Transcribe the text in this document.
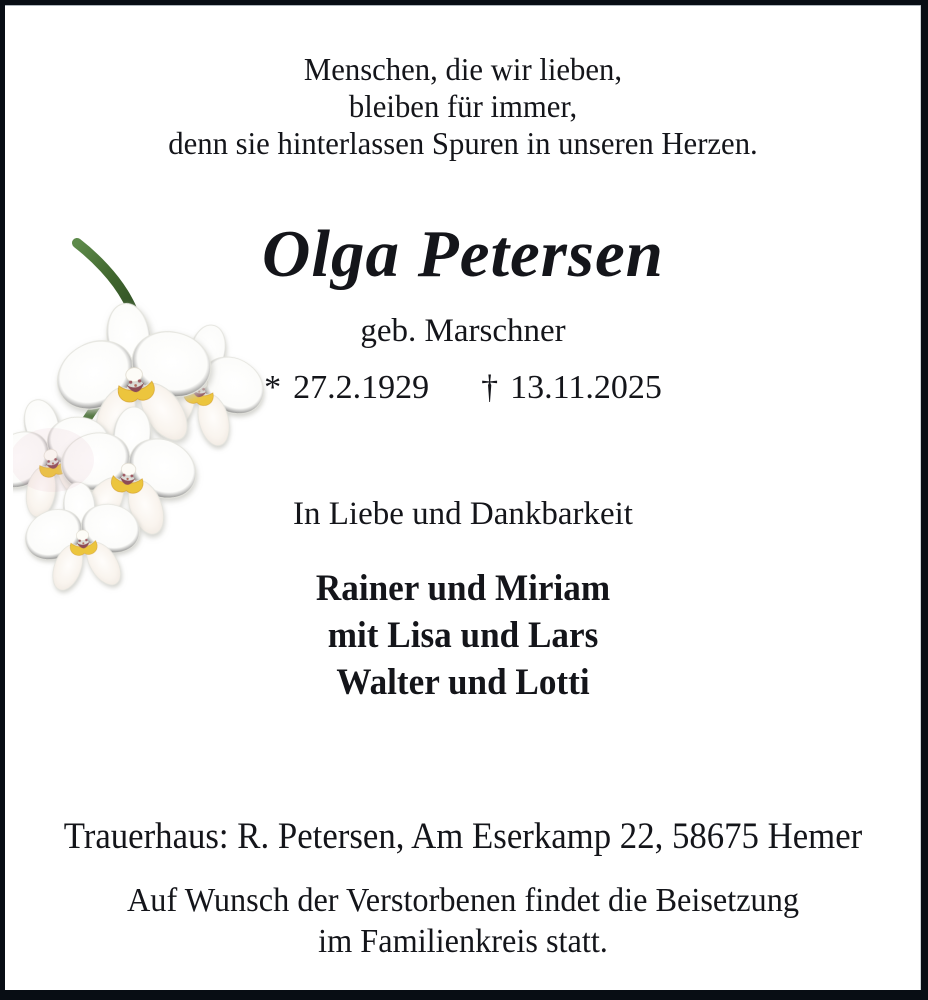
Menschen, die wir lieben,
bleiben für immer,
denn sie hinterlassen Spuren in unseren Herzen.
Olga Petersen
geb. Marschner
* 27.2.1929 † 13.11.2025
In Liebe und Dankbarkeit
Rainer und Miriam
mit Lisa und Lars
Walter und Lotti
Trauerhaus: R. Petersen, Am Eserkamp 22, 58675 Hemer
Auf Wunsch der Verstorbenen findet die Beisetzung
im Familienkreis statt.
